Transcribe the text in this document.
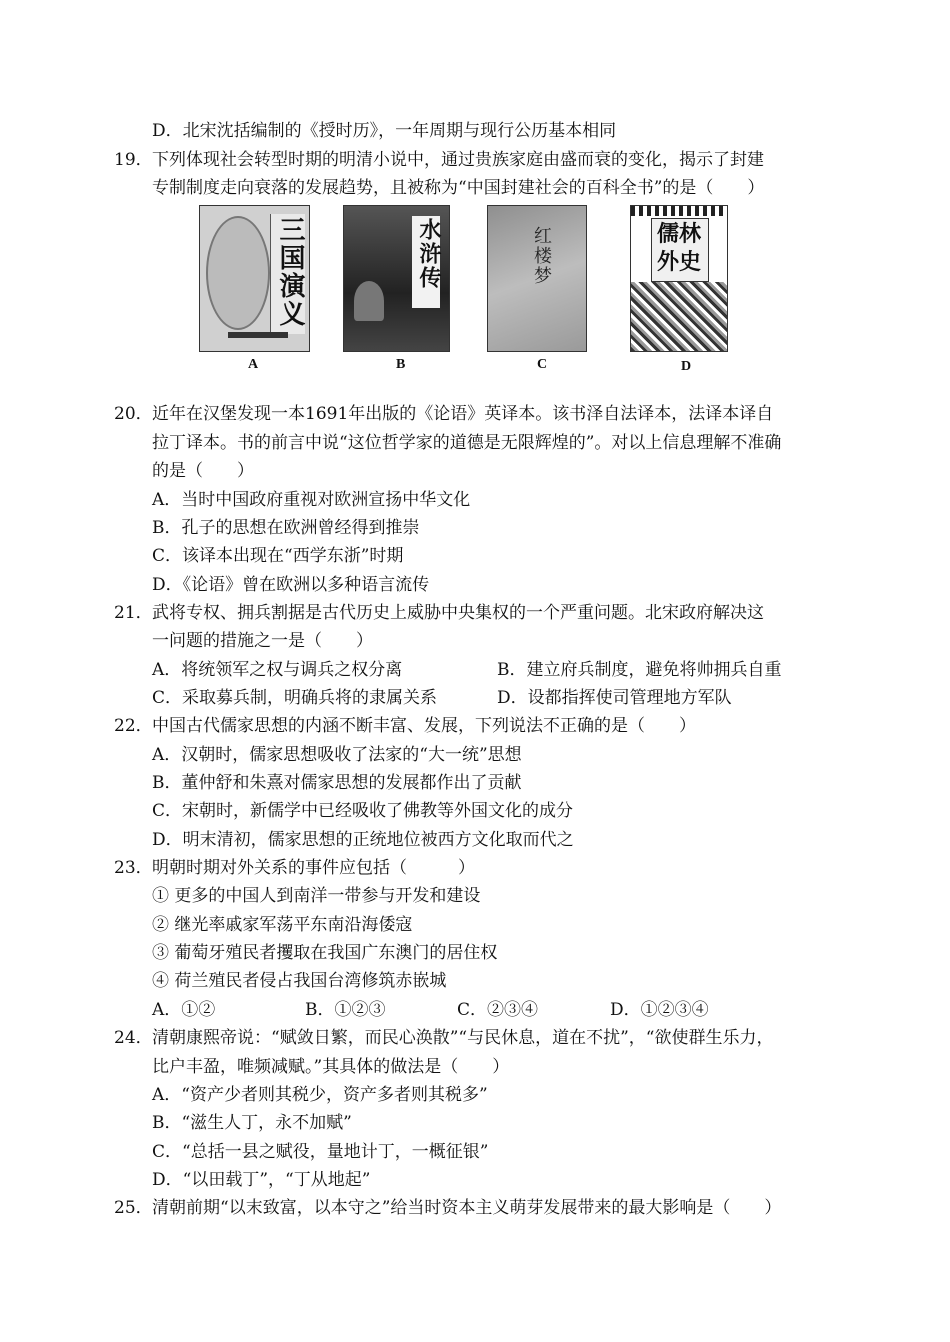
D．北宋沈括编制的《授时历》，一年周期与现行公历基本相同
19． 下列体现社会转型时期的明清小说中，通过贵族家庭由盛而衰的变化，揭示了封建
专制制度走向衰落的发展趋势，且被称为“中国封建社会的百科全书”的是（　　）
三国演义
A
水浒传
B
红楼梦
C
儒林外史
D
20． 近年在汉堡发现一本1691年出版的《论语》英译本。该书泽自法译本，法译本译自
拉丁译本。书的前言中说“这位哲学家的道德是无限辉煌的”。对以上信息理解不准确
的是（　　）
A．当时中国政府重视对欧洲宣扬中华文化
B．孔子的思想在欧洲曾经得到推崇
C．该译本出现在“西学东浙”时期
D．《论语》曾在欧洲以多种语言流传
21． 武将专权、拥兵割据是古代历史上威胁中央集权的一个严重问题。北宋政府解决这
一问题的措施之一是（　　）
A．将统领军之权与调兵之权分离	B．建立府兵制度，避免将帅拥兵自重
C．采取募兵制，明确兵将的隶属关系	D．设都指挥使司管理地方军队
22． 中国古代儒家思想的内涵不断丰富、发展，下列说法不正确的是（　　）
A．汉朝时，儒家思想吸收了法家的“大一统”思想
B．董仲舒和朱熹对儒家思想的发展都作出了贡献
C．宋朝时，新儒学中已经吸收了佛教等外国文化的成分
D．明末清初，儒家思想的正统地位被西方文化取而代之
23． 明朝时期对外关系的事件应包括（　　　）
① 更多的中国人到南洋一带参与开发和建设
② 继光率戚家军荡平东南沿海倭寇
③ 葡萄牙殖民者攫取在我国广东澳门的居住权
④ 荷兰殖民者侵占我国台湾修筑赤嵌城
A．①②	B．①②③	C．②③④	D．①②③④
24． 清朝康熙帝说：“赋敛日繁，而民心涣散”“与民休息，道在不扰”，“欲使群生乐力，
比户丰盈，唯频减赋。”其具体的做法是（　　）
A．“资产少者则其税少，资产多者则其税多”
B．“滋生人丁，永不加赋”
C．“总括一县之赋役，量地计丁，一概征银”
D．“以田载丁”，“丁从地起”
25． 清朝前期“以末致富，以本守之”给当时资本主义萌芽发展带来的最大影响是（　　）
